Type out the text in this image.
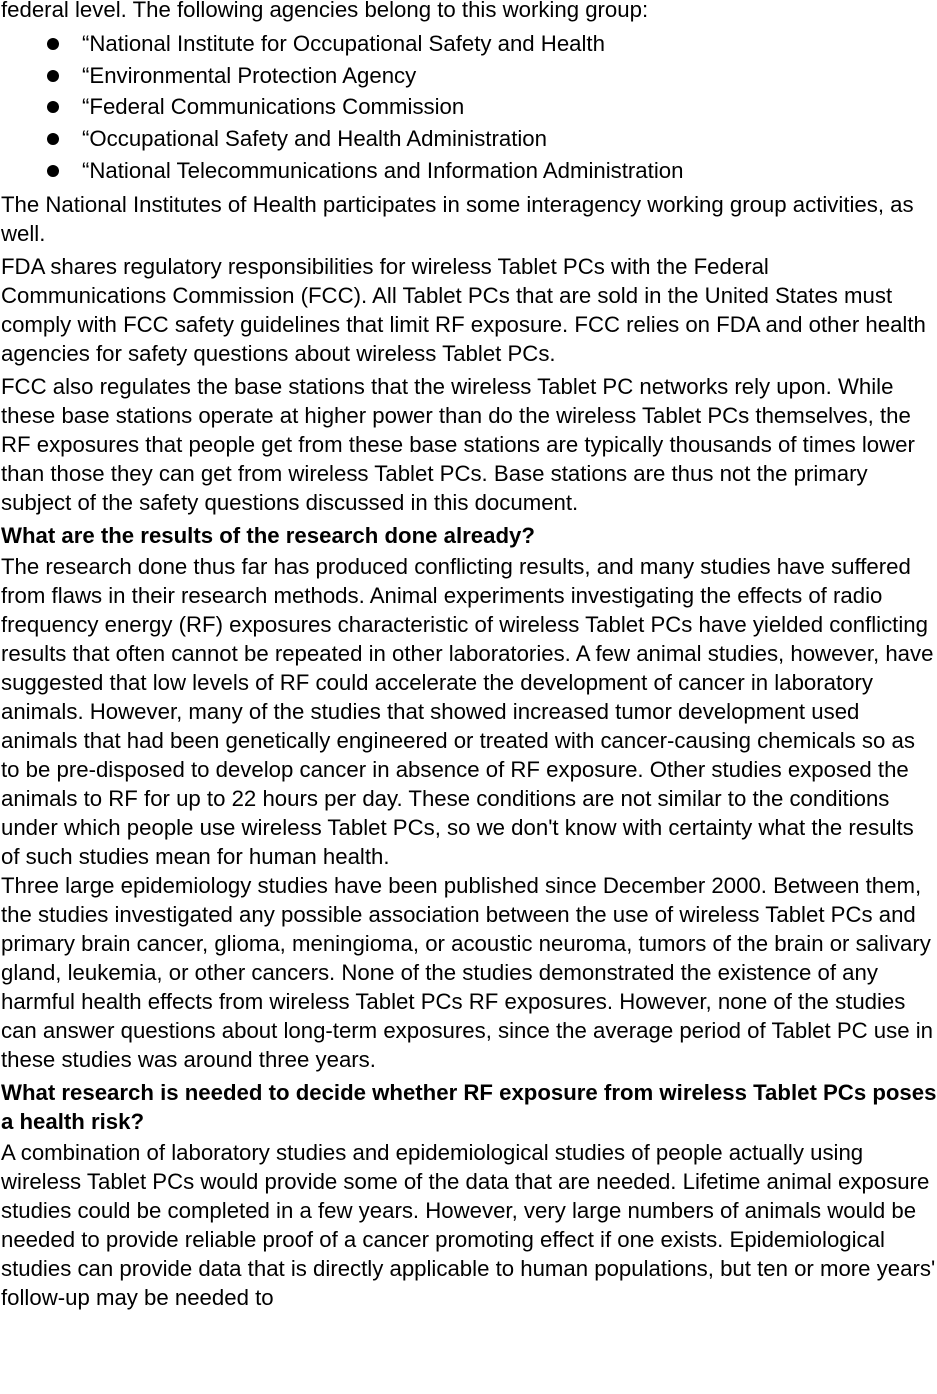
federal level. The following agencies belong to this working group:

“National Institute for Occupational Safety and Health
“Environmental Protection Agency
“Federal Communications Commission
“Occupational Safety and Health Administration
“National Telecommunications and Information Administration

The National Institutes of Health participates in some interagency working group activities, as well.

FDA shares regulatory responsibilities for wireless Tablet PCs with the Federal Communications Commission (FCC). All Tablet PCs that are sold in the United States must comply with FCC safety guidelines that limit RF exposure. FCC relies on FDA and other health agencies for safety questions about wireless Tablet PCs.

FCC also regulates the base stations that the wireless Tablet PC networks rely upon. While these base stations operate at higher power than do the wireless Tablet PCs themselves, the RF exposures that people get from these base stations are typically thousands of times lower than those they can get from wireless Tablet PCs. Base stations are thus not the primary subject of the safety questions discussed in this document.

What are the results of the research done already?

The research done thus far has produced conflicting results, and many studies have suffered from flaws in their research methods. Animal experiments investigating the effects of radio frequency energy (RF) exposures characteristic of wireless Tablet PCs have yielded conflicting results that often cannot be repeated in other laboratories. A few animal studies, however, have suggested that low levels of RF could accelerate the development of cancer in laboratory animals. However, many of the studies that showed increased tumor development used animals that had been genetically engineered or treated with cancer-causing chemicals so as to be pre-disposed to develop cancer in absence of RF exposure. Other studies exposed the animals to RF for up to 22 hours per day. These conditions are not similar to the conditions under which people use wireless Tablet PCs, so we don't know with certainty what the results of such studies mean for human health.

Three large epidemiology studies have been published since December 2000. Between them, the studies investigated any possible association between the use of wireless Tablet PCs and primary brain cancer, glioma, meningioma, or acoustic neuroma, tumors of the brain or salivary gland, leukemia, or other cancers. None of the studies demonstrated the existence of any harmful health effects from wireless Tablet PCs RF exposures. However, none of the studies can answer questions about long-term exposures, since the average period of Tablet PC use in these studies was around three years.

What research is needed to decide whether RF exposure from wireless Tablet PCs poses a health risk?

A combination of laboratory studies and epidemiological studies of people actually using wireless Tablet PCs would provide some of the data that are needed. Lifetime animal exposure studies could be completed in a few years. However, very large numbers of animals would be needed to provide reliable proof of a cancer promoting effect if one exists. Epidemiological studies can provide data that is directly applicable to human populations, but ten or more years' follow-up may be needed to
